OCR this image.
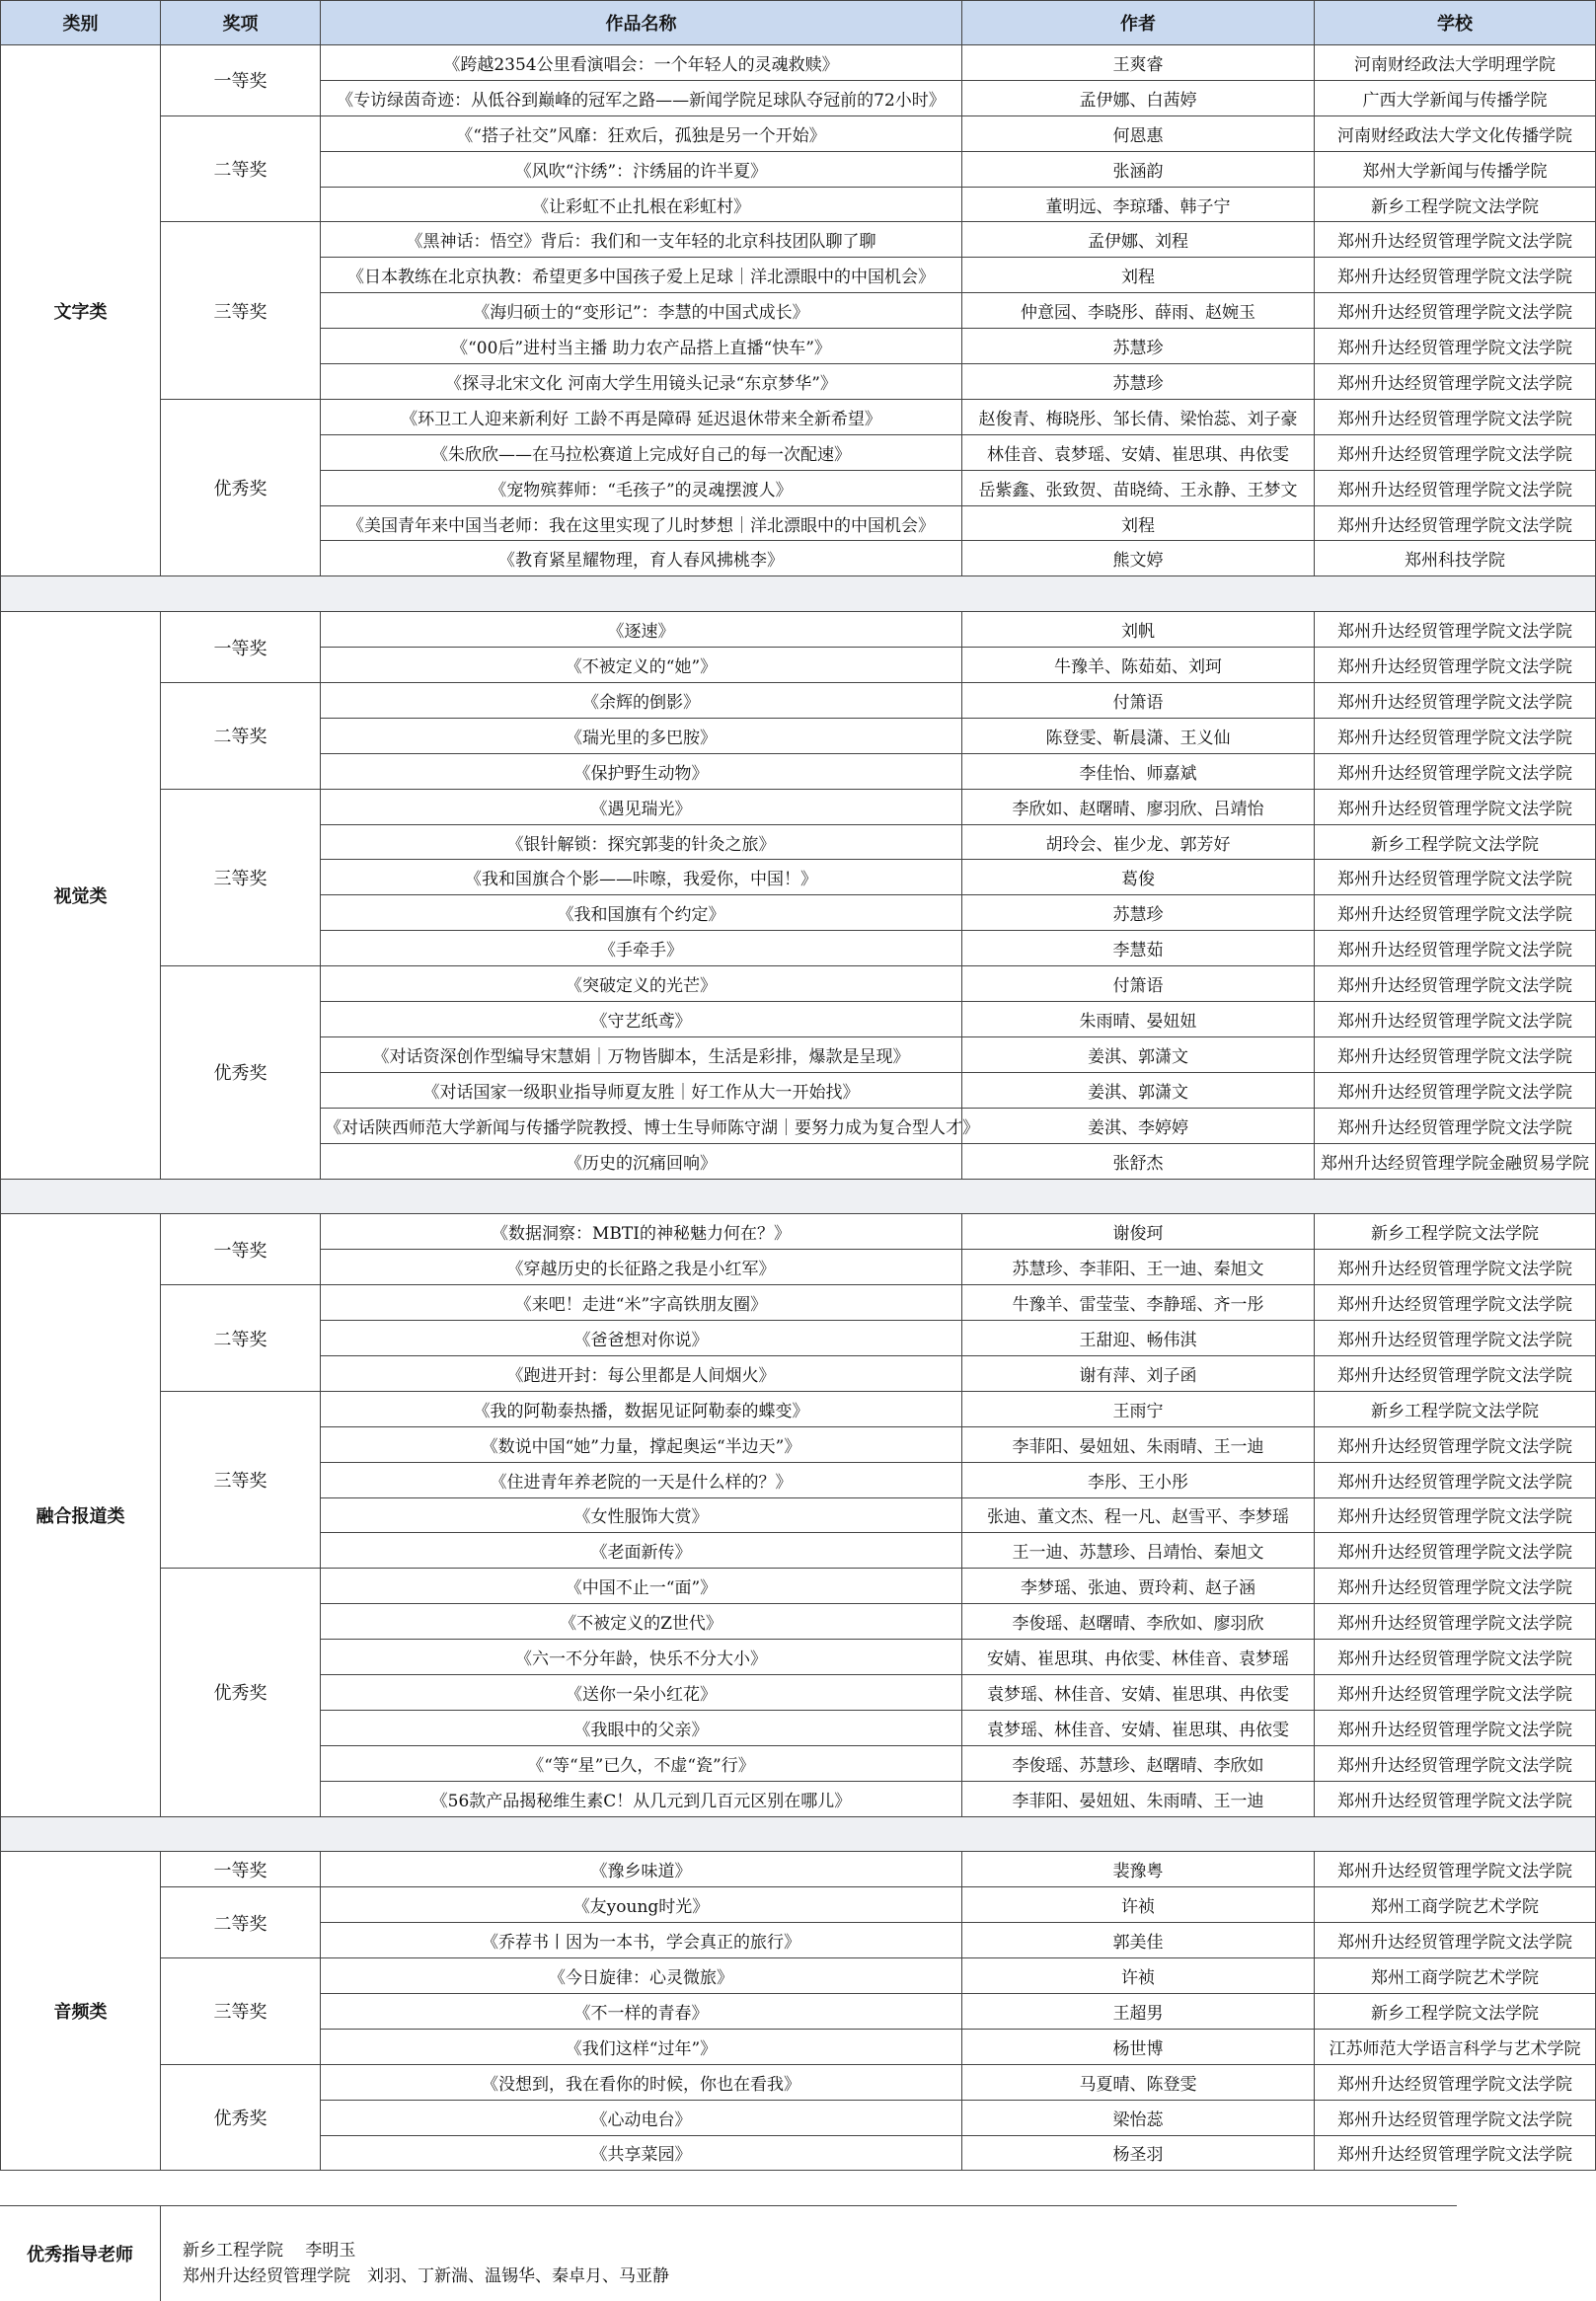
类别	奖项	作品名称	作者	学校
文字类	一等奖	《跨越2354公里看演唱会：一个年轻人的灵魂救赎》	王爽睿	河南财经政法大学明理学院
		《专访绿茵奇迹：从低谷到巅峰的冠军之路——新闻学院足球队夺冠前的72小时》	孟伊娜、白茜婷	广西大学新闻与传播学院
	二等奖	《“搭子社交”风靡：狂欢后，孤独是另一个开始》	何恩惠	河南财经政法大学文化传播学院
		《风吹“汴绣”：汴绣届的许半夏》	张涵韵	郑州大学新闻与传播学院
		《让彩虹不止扎根在彩虹村》	董明远、李琼璠、韩子宁	新乡工程学院文法学院
	三等奖	《黑神话：悟空》背后：我们和一支年轻的北京科技团队聊了聊	孟伊娜、刘程	郑州升达经贸管理学院文法学院
		《日本教练在北京执教：希望更多中国孩子爱上足球｜洋北漂眼中的中国机会》	刘程	郑州升达经贸管理学院文法学院
		《海归硕士的“变形记”：李慧的中国式成长》	仲意园、李晓彤、薛雨、赵婉玉	郑州升达经贸管理学院文法学院
		《“00后”进村当主播 助力农产品搭上直播“快车”》	苏慧珍	郑州升达经贸管理学院文法学院
		《探寻北宋文化 河南大学生用镜头记录“东京梦华”》	苏慧珍	郑州升达经贸管理学院文法学院
	优秀奖	《环卫工人迎来新利好 工龄不再是障碍 延迟退休带来全新希望》	赵俊青、梅晓彤、邹长倩、梁怡蕊、刘子豪	郑州升达经贸管理学院文法学院
		《朱欣欣——在马拉松赛道上完成好自己的每一次配速》	林佳音、袁梦瑶、安婧、崔思琪、冉依雯	郑州升达经贸管理学院文法学院
		《宠物殡葬师：“毛孩子”的灵魂摆渡人》	岳紫鑫、张致贺、苗晓绮、王永静、王梦文	郑州升达经贸管理学院文法学院
		《美国青年来中国当老师：我在这里实现了儿时梦想｜洋北漂眼中的中国机会》	刘程	郑州升达经贸管理学院文法学院
		《教育紧星耀物理，育人春风拂桃李》	熊文婷	郑州科技学院

视觉类	一等奖	《逐速》	刘帆	郑州升达经贸管理学院文法学院
		《不被定义的“她”》	牛豫羊、陈茹茹、刘珂	郑州升达经贸管理学院文法学院
	二等奖	《余辉的倒影》	付箫语	郑州升达经贸管理学院文法学院
		《瑞光里的多巴胺》	陈登雯、靳晨潇、王义仙	郑州升达经贸管理学院文法学院
		《保护野生动物》	李佳怡、师嘉斌	郑州升达经贸管理学院文法学院
	三等奖	《遇见瑞光》	李欣如、赵曙晴、廖羽欣、吕靖怡	郑州升达经贸管理学院文法学院
		《银针解锁：探究郭斐的针灸之旅》	胡玲会、崔少龙、郭芳好	新乡工程学院文法学院
		《我和国旗合个影——咔嚓，我爱你，中国！》	葛俊	郑州升达经贸管理学院文法学院
		《我和国旗有个约定》	苏慧珍	郑州升达经贸管理学院文法学院
		《手牵手》	李慧茹	郑州升达经贸管理学院文法学院
	优秀奖	《突破定义的光芒》	付箫语	郑州升达经贸管理学院文法学院
		《守艺纸鸢》	朱雨晴、晏妞妞	郑州升达经贸管理学院文法学院
		《对话资深创作型编导宋慧娟｜万物皆脚本，生活是彩排，爆款是呈现》	姜淇、郭潇文	郑州升达经贸管理学院文法学院
		《对话国家一级职业指导师夏友胜｜好工作从大一开始找》	姜淇、郭潇文	郑州升达经贸管理学院文法学院
		《对话陕西师范大学新闻与传播学院教授、博士生导师陈守湖｜要努力成为复合型人才》	姜淇、李婷婷	郑州升达经贸管理学院文法学院
		《历史的沉痛回响》	张舒杰	郑州升达经贸管理学院金融贸易学院

融合报道类	一等奖	《数据洞察：MBTI的神秘魅力何在？》	谢俊珂	新乡工程学院文法学院
		《穿越历史的长征路之我是小红军》	苏慧珍、李菲阳、王一迪、秦旭文	郑州升达经贸管理学院文法学院
	二等奖	《来吧！走进“米”字高铁朋友圈》	牛豫羊、雷莹莹、李静瑶、齐一彤	郑州升达经贸管理学院文法学院
		《爸爸想对你说》	王甜迎、畅伟淇	郑州升达经贸管理学院文法学院
		《跑进开封：每公里都是人间烟火》	谢有萍、刘子函	郑州升达经贸管理学院文法学院
	三等奖	《我的阿勒泰热播，数据见证阿勒泰的蝶变》	王雨宁	新乡工程学院文法学院
		《数说中国“她”力量，撑起奥运“半边天”》	李菲阳、晏妞妞、朱雨晴、王一迪	郑州升达经贸管理学院文法学院
		《住进青年养老院的一天是什么样的？》	李彤、王小彤	郑州升达经贸管理学院文法学院
		《女性服饰大赏》	张迪、董文杰、程一凡、赵雪平、李梦瑶	郑州升达经贸管理学院文法学院
		《老面新传》	王一迪、苏慧珍、吕靖怡、秦旭文	郑州升达经贸管理学院文法学院
	优秀奖	《中国不止一“面”》	李梦瑶、张迪、贾玲莉、赵子涵	郑州升达经贸管理学院文法学院
		《不被定义的Z世代》	李俊瑶、赵曙晴、李欣如、廖羽欣	郑州升达经贸管理学院文法学院
		《六一不分年龄，快乐不分大小》	安婧、崔思琪、冉依雯、林佳音、袁梦瑶	郑州升达经贸管理学院文法学院
		《送你一朵小红花》	袁梦瑶、林佳音、安婧、崔思琪、冉依雯	郑州升达经贸管理学院文法学院
		《我眼中的父亲》	袁梦瑶、林佳音、安婧、崔思琪、冉依雯	郑州升达经贸管理学院文法学院
		《“等“星”已久，不虚“瓷”行》	李俊瑶、苏慧珍、赵曙晴、李欣如	郑州升达经贸管理学院文法学院
		《56款产品揭秘维生素C！从几元到几百元区别在哪儿》	李菲阳、晏妞妞、朱雨晴、王一迪	郑州升达经贸管理学院文法学院

音频类	一等奖	《豫乡味道》	裴豫粤	郑州升达经贸管理学院文法学院
	二等奖	《友young时光》	许祯	郑州工商学院艺术学院
		《乔荐书丨因为一本书，学会真正的旅行》	郭美佳	郑州升达经贸管理学院文法学院
	三等奖	《今日旋律：心灵微旅》	许祯	郑州工商学院艺术学院
		《不一样的青春》	王超男	新乡工程学院文法学院
		《我们这样“过年”》	杨世博	江苏师范大学语言科学与艺术学院
	优秀奖	《没想到，我在看你的时候，你也在看我》	马夏晴、陈登雯	郑州升达经贸管理学院文法学院
		《心动电台》	梁怡蕊	郑州升达经贸管理学院文法学院
		《共享菜园》	杨圣羽	郑州升达经贸管理学院文法学院
优秀指导老师	新乡工程学院　 李明玉
郑州升达经贸管理学院　刘羽、丁新湍、温锡华、秦卓月、马亚静
